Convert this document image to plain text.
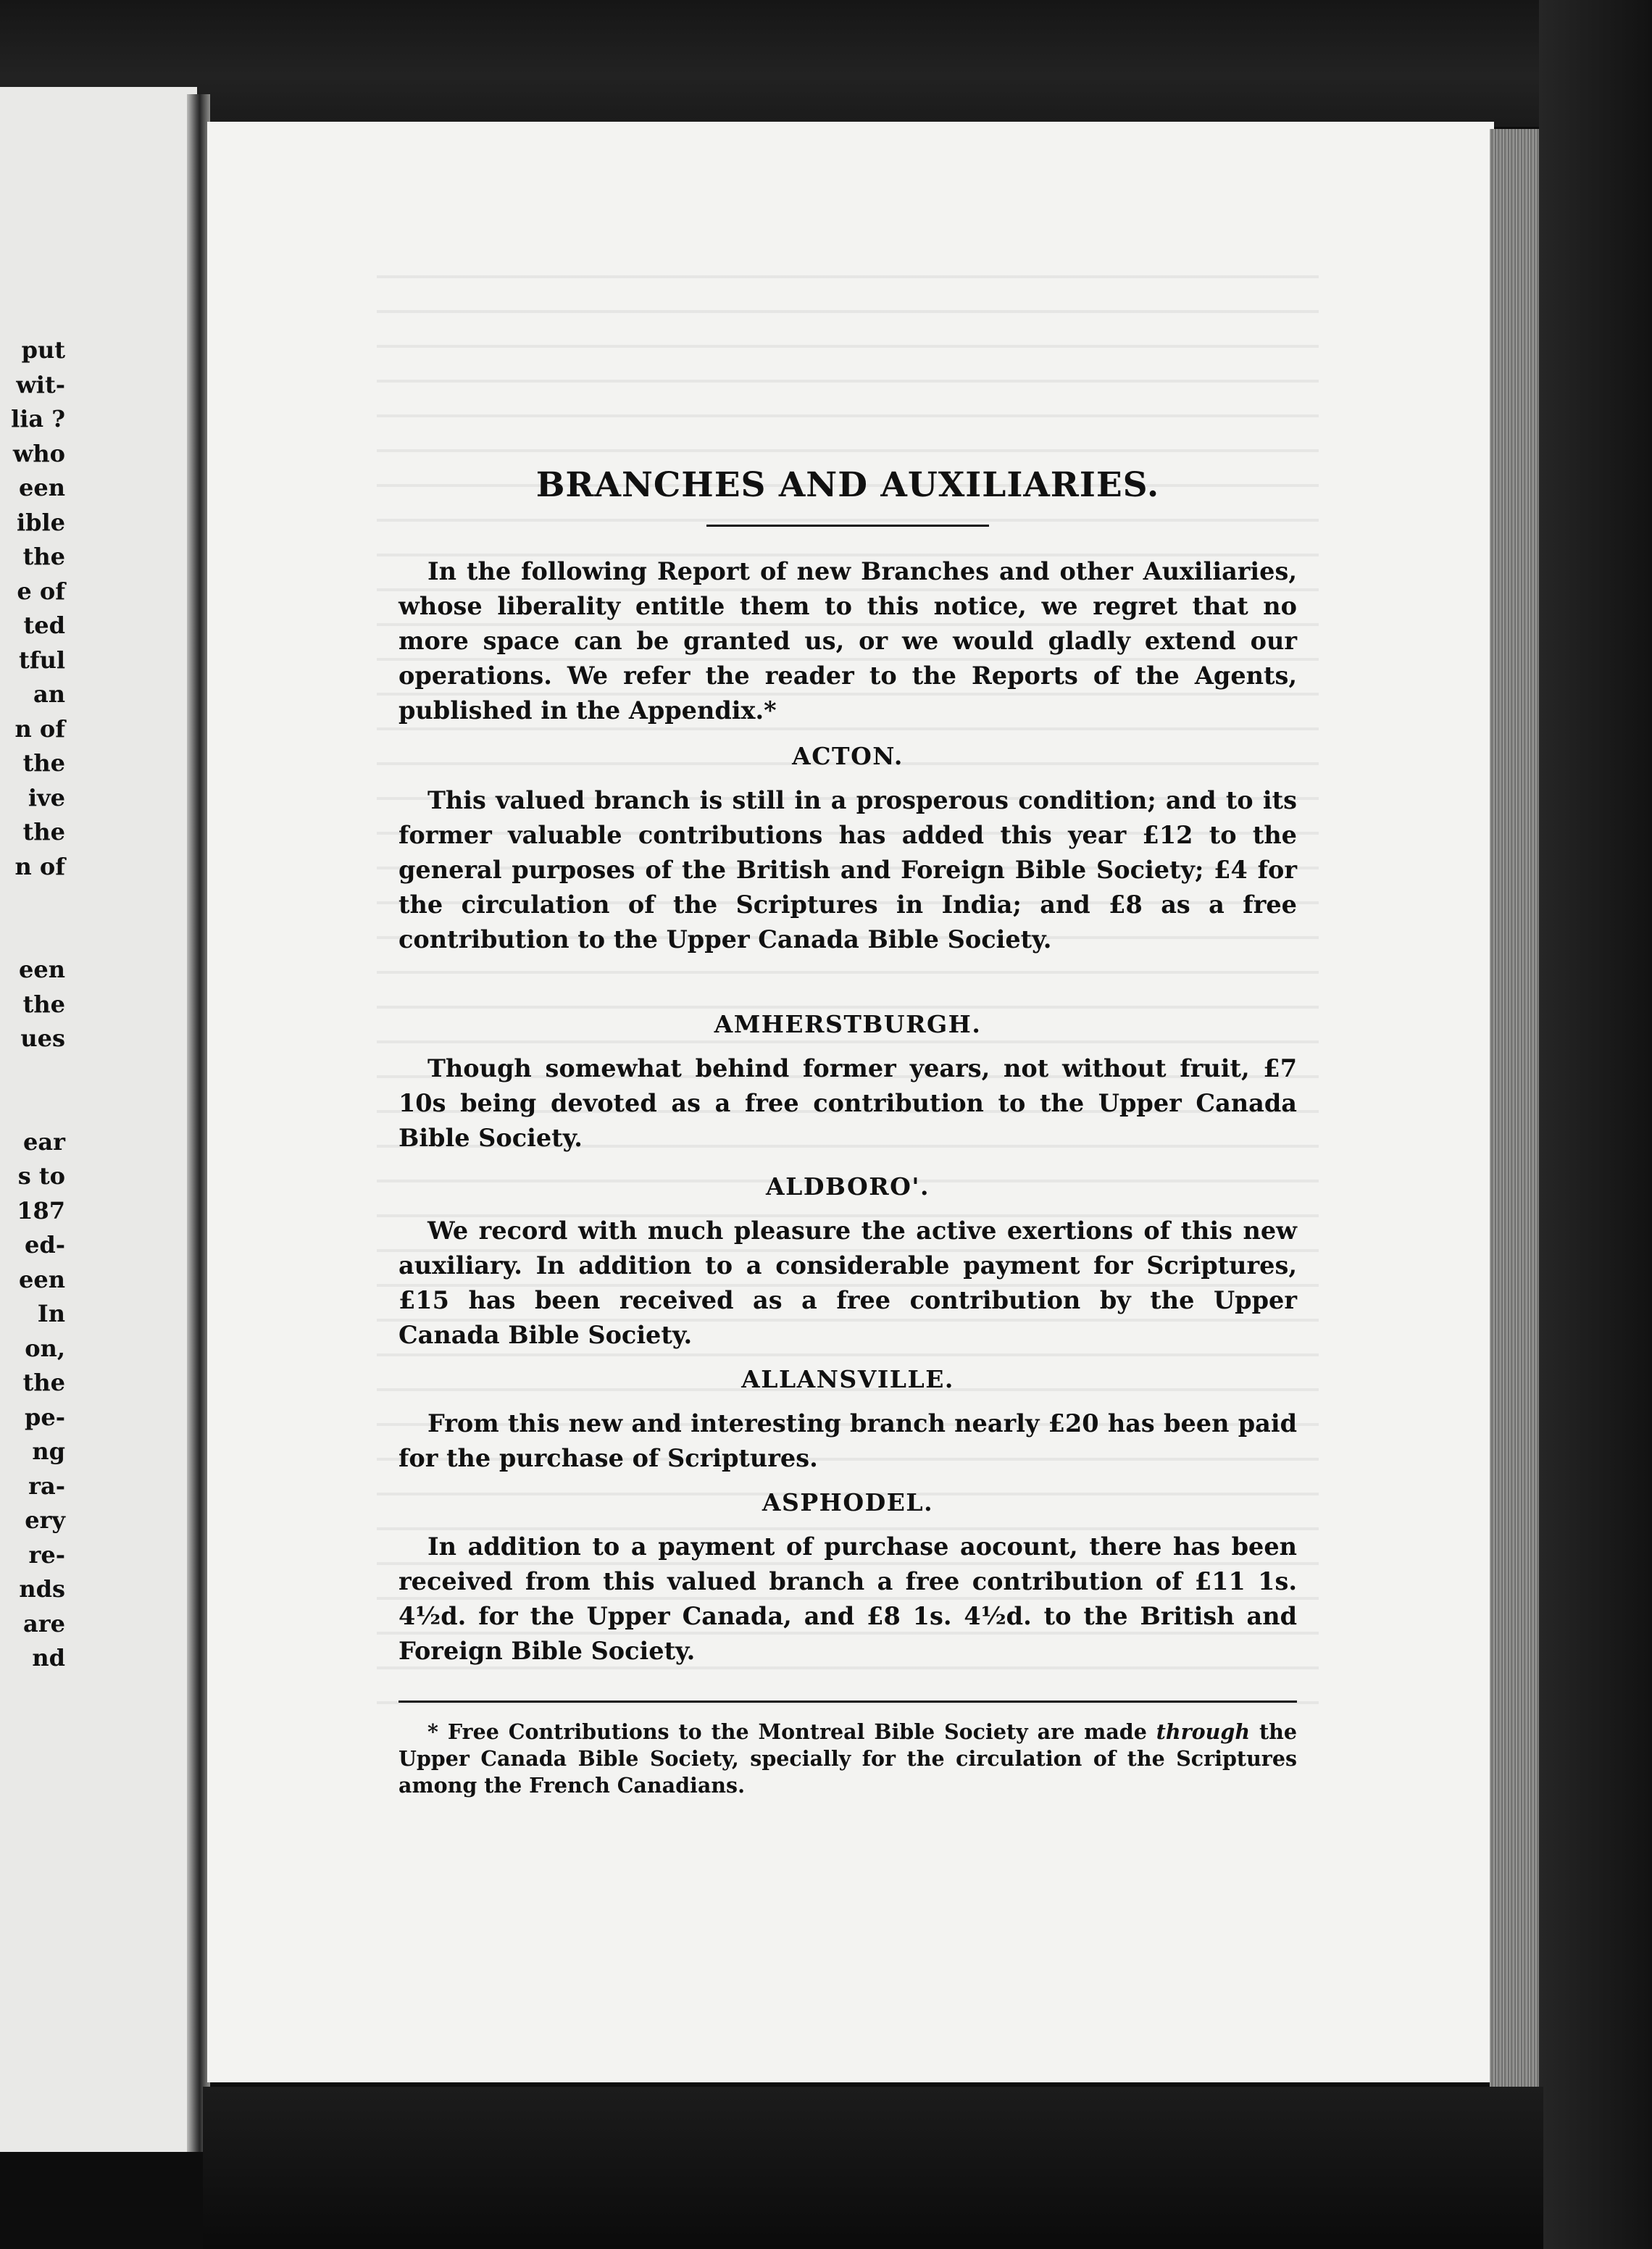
put
wit-
lia ?
who
een
ible
the
e of
ted
tful
an
n of
the
ive
the
n of
een
the
ues
ear
s to
187
ed-
een
In
on,
the
pe-
ng
ra-
ery
re-
nds
are
nd
BRANCHES AND AUXILIARIES.

In the following Report of new Branches and other Auxiliaries, whose liberality entitle them to this notice, we regret that no more space can be granted us, or we would gladly extend our operations. We refer the reader to the Reports of the Agents, published in the Appendix.*

ACTON.

This valued branch is still in a prosperous condition; and to its former valuable contributions has added this year £12 to the general purposes of the British and Foreign Bible Society; £4 for the circulation of the Scriptures in India; and £8 as a free contribution to the Upper Canada Bible Society.

AMHERSTBURGH.

Though somewhat behind former years, not without fruit, £7 10s being devoted as a free contribution to the Upper Canada Bible Society.

ALDBORO'.

We record with much pleasure the active exertions of this new auxiliary. In addition to a considerable payment for Scriptures, £15 has been received as a free contribution by the Upper Canada Bible Society.

ALLANSVILLE.

From this new and interesting branch nearly £20 has been paid for the purchase of Scriptures.

ASPHODEL.

In addition to a payment of purchase aocount, there has been received from this valued branch a free contribution of £11 1s. 4½d. for the Upper Canada, and £8 1s. 4½d. to the British and Foreign Bible Society.

* Free Contributions to the Montreal Bible Society are made through the Upper Canada Bible Society, specially for the circulation of the Scriptures among the French Canadians.
